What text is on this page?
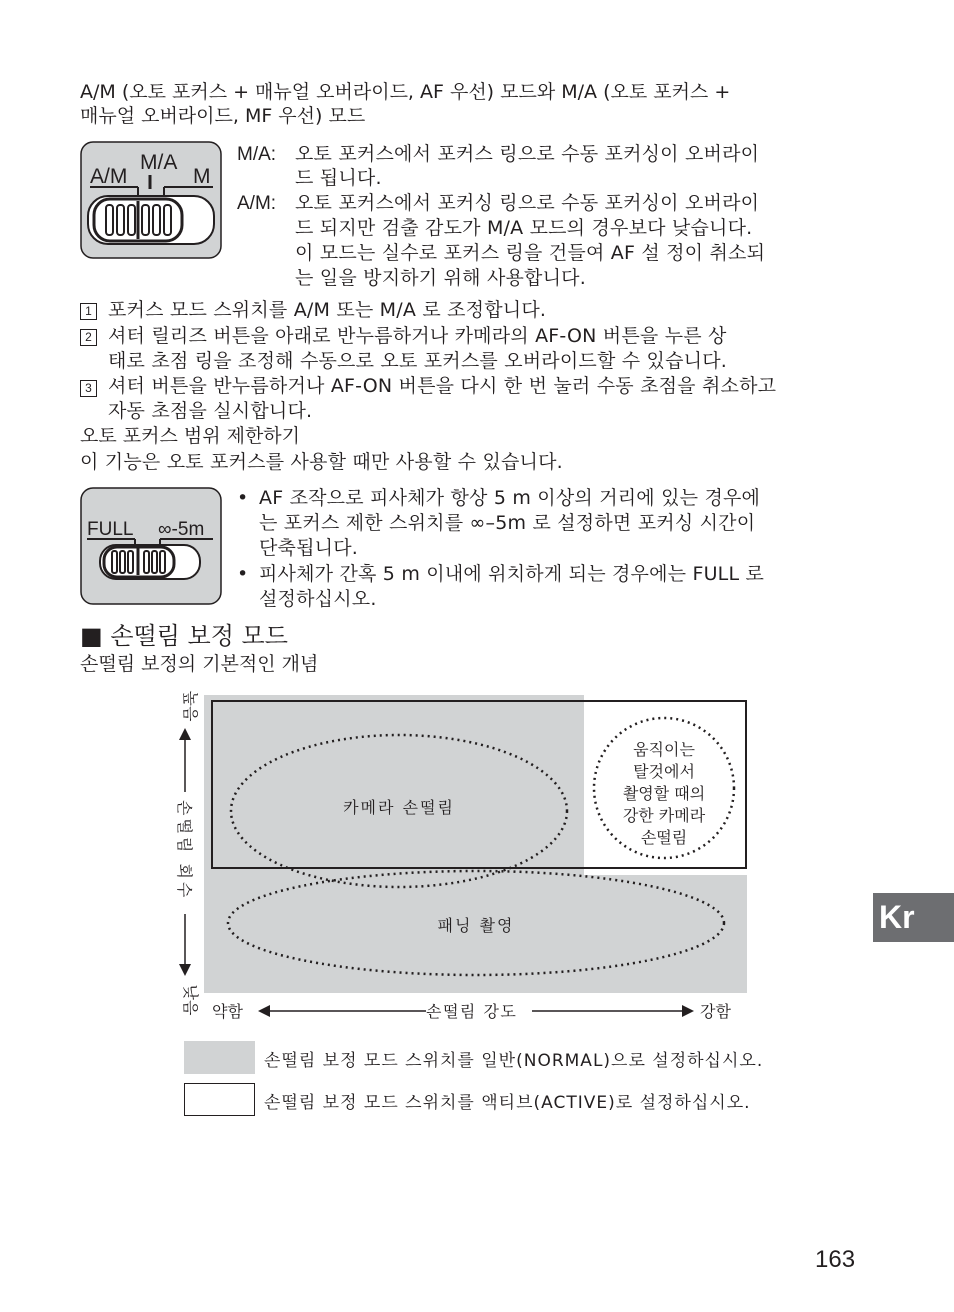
A/M (오토 포커스 + 매뉴얼 오버라이드, AF 우선) 모드와 M/A (오토 포커스 +
매뉴얼 오버라이드, MF 우선) 모드
A/M
M/A
M
M/A: 오토 포커스에서 포커스 링으로 수동 포커싱이 오버라이
드 됩니다.
A/M: 오토 포커스에서 포커싱 링으로 수동 포커싱이 오버라이
드 되지만 검출 감도가 M/A 모드의 경우보다 낮습니다.
이 모드는 실수로 포커스 링을 건들여 AF 설 정이 취소되
는 일을 방지하기 위해 사용합니다.
1 포커스 모드 스위치를 A/M 또는 M/A 로 조정합니다.
2 셔터 릴리즈 버튼을 아래로 반누름하거나 카메라의 AF-ON 버튼을 누른 상
태로 초점 링을 조정해 수동으로 오토 포커스를 오버라이드할 수 있습니다.
3 셔터 버튼을 반누름하거나 AF-ON 버튼을 다시 한 번 눌러 수동 초점을 취소하고
자동 초점을 실시합니다.
오토 포커스 범위 제한하기
이 기능은 오토 포커스를 사용할 때만 사용할 수 있습니다.
FULL ∞-5m
• AF 조작으로 피사체가 항상 5 m 이상의 거리에 있는 경우에
는 포커스 제한 스위치를 ∞–5m 로 설정하면 포커싱 시간이
단축됩니다.
• 피사체가 간혹 5 m 이내에 위치하게 되는 경우에는 FULL 로
설정하십시오.
■ 손떨림 보정 모드
손떨림 보정의 기본적인 개념
카메라 손떨림
패닝 촬영
움직이는
탈것에서
촬영할 때의
강한 카메라
손떨림
높음
손떨림 회수
낮음 약함	손떨림 강도	강함
손떨림 보정 모드 스위치를 일반(NORMAL)으로 설정하십시오.
손떨림 보정 모드 스위치를 액티브(ACTIVE)로 설정하십시오.
Kr
163
